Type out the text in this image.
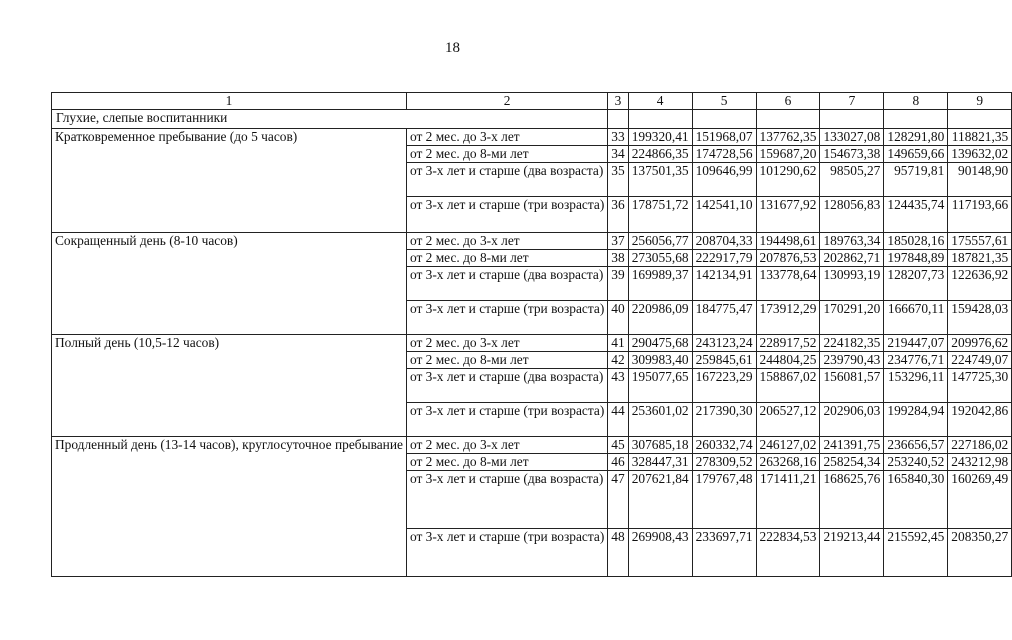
18
1	2	3	4	5	6	7	8	9
Глухие, слепые воспитанники								
Кратковременное пребывание (до 5 часов)	от 2 мес. до 3-х лет	33	199320,41	151968,07	137762,35	133027,08	128291,80	118821,35
	от 2 мес. до 8-ми лет	34	224866,35	174728,56	159687,20	154673,38	149659,66	139632,02
	от 3-х лет и старше (два возраста)	35	137501,35	109646,99	101290,62	98505,27	95719,81	90148,90
	от 3-х лет и старше (три возраста)	36	178751,72	142541,10	131677,92	128056,83	124435,74	117193,66
Сокращенный день (8-10 часов)	от 2 мес. до 3-х лет	37	256056,77	208704,33	194498,61	189763,34	185028,16	175557,61
	от 2 мес. до 8-ми лет	38	273055,68	222917,79	207876,53	202862,71	197848,89	187821,35
	от 3-х лет и старше (два возраста)	39	169989,37	142134,91	133778,64	130993,19	128207,73	122636,92
	от 3-х лет и старше (три возраста)	40	220986,09	184775,47	173912,29	170291,20	166670,11	159428,03
Полный день (10,5-12 часов)	от 2 мес. до 3-х лет	41	290475,68	243123,24	228917,52	224182,35	219447,07	209976,62
	от 2 мес. до 8-ми лет	42	309983,40	259845,61	244804,25	239790,43	234776,71	224749,07
	от 3-х лет и старше (два возраста)	43	195077,65	167223,29	158867,02	156081,57	153296,11	147725,30
	от 3-х лет и старше (три возраста)	44	253601,02	217390,30	206527,12	202906,03	199284,94	192042,86
Продленный день (13-14 часов), круглосуточное пребывание	от 2 мес. до 3-х лет	45	307685,18	260332,74	246127,02	241391,75	236656,57	227186,02
	от 2 мес. до 8-ми лет	46	328447,31	278309,52	263268,16	258254,34	253240,52	243212,98
	от 3-х лет и старше (два возраста)	47	207621,84	179767,48	171411,21	168625,76	165840,30	160269,49
	от 3-х лет и старше (три возраста)	48	269908,43	233697,71	222834,53	219213,44	215592,45	208350,27
